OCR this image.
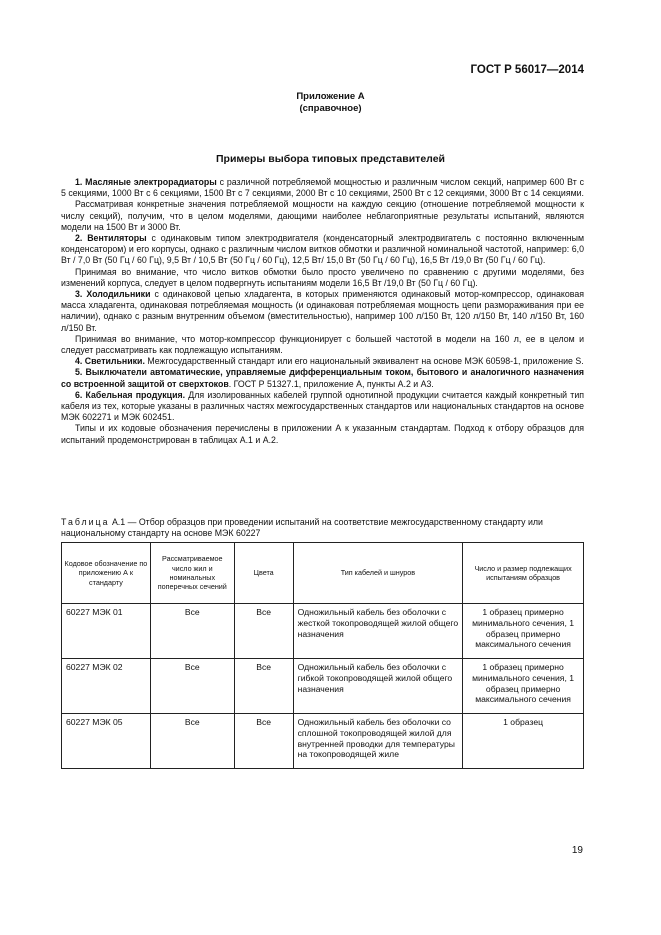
ГОСТ Р 56017—2014
Приложение А
(справочное)
Примеры выбора типовых представителей

1. Масляные электрорадиаторы с различной потребляемой мощностью и различным числом секций, например 600 Вт с 5 секциями, 1000 Вт с 6 секциями, 1500 Вт с 7 секциями, 2000 Вт с 10 секциями, 2500 Вт с 12 секциями, 3000 Вт с 14 секциями.

Рассматривая конкретные значения потребляемой мощности на каждую секцию (отношение потребляемой мощности к числу секций), получим, что в целом моделями, дающими наиболее неблагоприятные результаты испытаний, являются модели на 1500 Вт и 3000 Вт.

2. Вентиляторы с одинаковым типом электродвигателя (конденсаторный электродвигатель с постоянно включенным конденсатором) и его корпусы, однако с различным числом витков обмотки и различной номинальной частотой, например: 6,0 Вт / 7,0 Вт (50 Гц / 60 Гц), 9,5 Вт / 10,5 Вт (50 Гц / 60 Гц), 12,5 Вт/ 15,0 Вт (50 Гц / 60 Гц), 16,5 Вт /19,0 Вт (50 Гц / 60 Гц).

Принимая во внимание, что число витков обмотки было просто увеличено по сравнению с другими моделями, без изменений корпуса, следует в целом подвергнуть испытаниям модели 16,5 Вт /19,0 Вт (50 Гц / 60 Гц).

3. Холодильники с одинаковой цепью хладагента, в которых применяются одинаковый мотор-компрессор, одинаковая масса хладагента, одинаковая потребляемая мощность (и одинаковая потребляемая мощность цепи размораживания при ее наличии), однако с разным внутренним объемом (вместительностью), например 100 л/150 Вт, 120 л/150 Вт, 140 л/150 Вт, 160 л/150 Вт.

Принимая во внимание, что мотор-компрессор функционирует с большей частотой в модели на 160 л, ее в целом и следует рассматривать как подлежащую испытаниям.

4. Светильники. Межгосударственный стандарт или его национальный эквивалент на основе МЭК 60598-1, приложение S.

5. Выключатели автоматические, управляемые дифференциальным током, бытового и аналогичного назначения со встроенной защитой от сверхтоков. ГОСТ Р 51327.1, приложение А, пункты А.2 и А3.

6. Кабельная продукция. Для изолированных кабелей группой однотипной продукции считается каждый конкретный тип кабеля из тех, которые указаны в различных частях межгосударственных стандартов или национальных стандартов на основе МЭК 602271 и МЭК 602451.

Типы и их кодовые обозначения перечислены в приложении А к указанным стандартам. Подход к отбору образцов для испытаний продемонстрирован в таблицах А.1 и А.2.

Таблица А.1 — Отбор образцов при проведении испытаний на соответствие межгосударственному стандарту или национальному стандарту на основе МЭК 60227
Кодовое обозначение по приложению А к стандарту	Рассматриваемое число жил и номинальных поперечных сечений	Цвета	Тип кабелей и шнуров	Число и размер подлежащих испытаниям образцов
60227 МЭК 01	Все	Все	Одножильный кабель без оболочки с жесткой токопроводящей жилой общего назначения	1 образец примерно минимального сечения, 1 образец примерно максимального сечения
60227 МЭК 02	Все	Все	Одножильный кабель без оболочки с гибкой токопроводящей жилой общего назначения	1 образец примерно минимального сечения, 1 образец примерно максимального сечения
60227 МЭК 05	Все	Все	Одножильный кабель без оболочки со сплошной токопроводящей жилой для внутренней проводки для температуры на токопроводящей жиле	1 образец
19
